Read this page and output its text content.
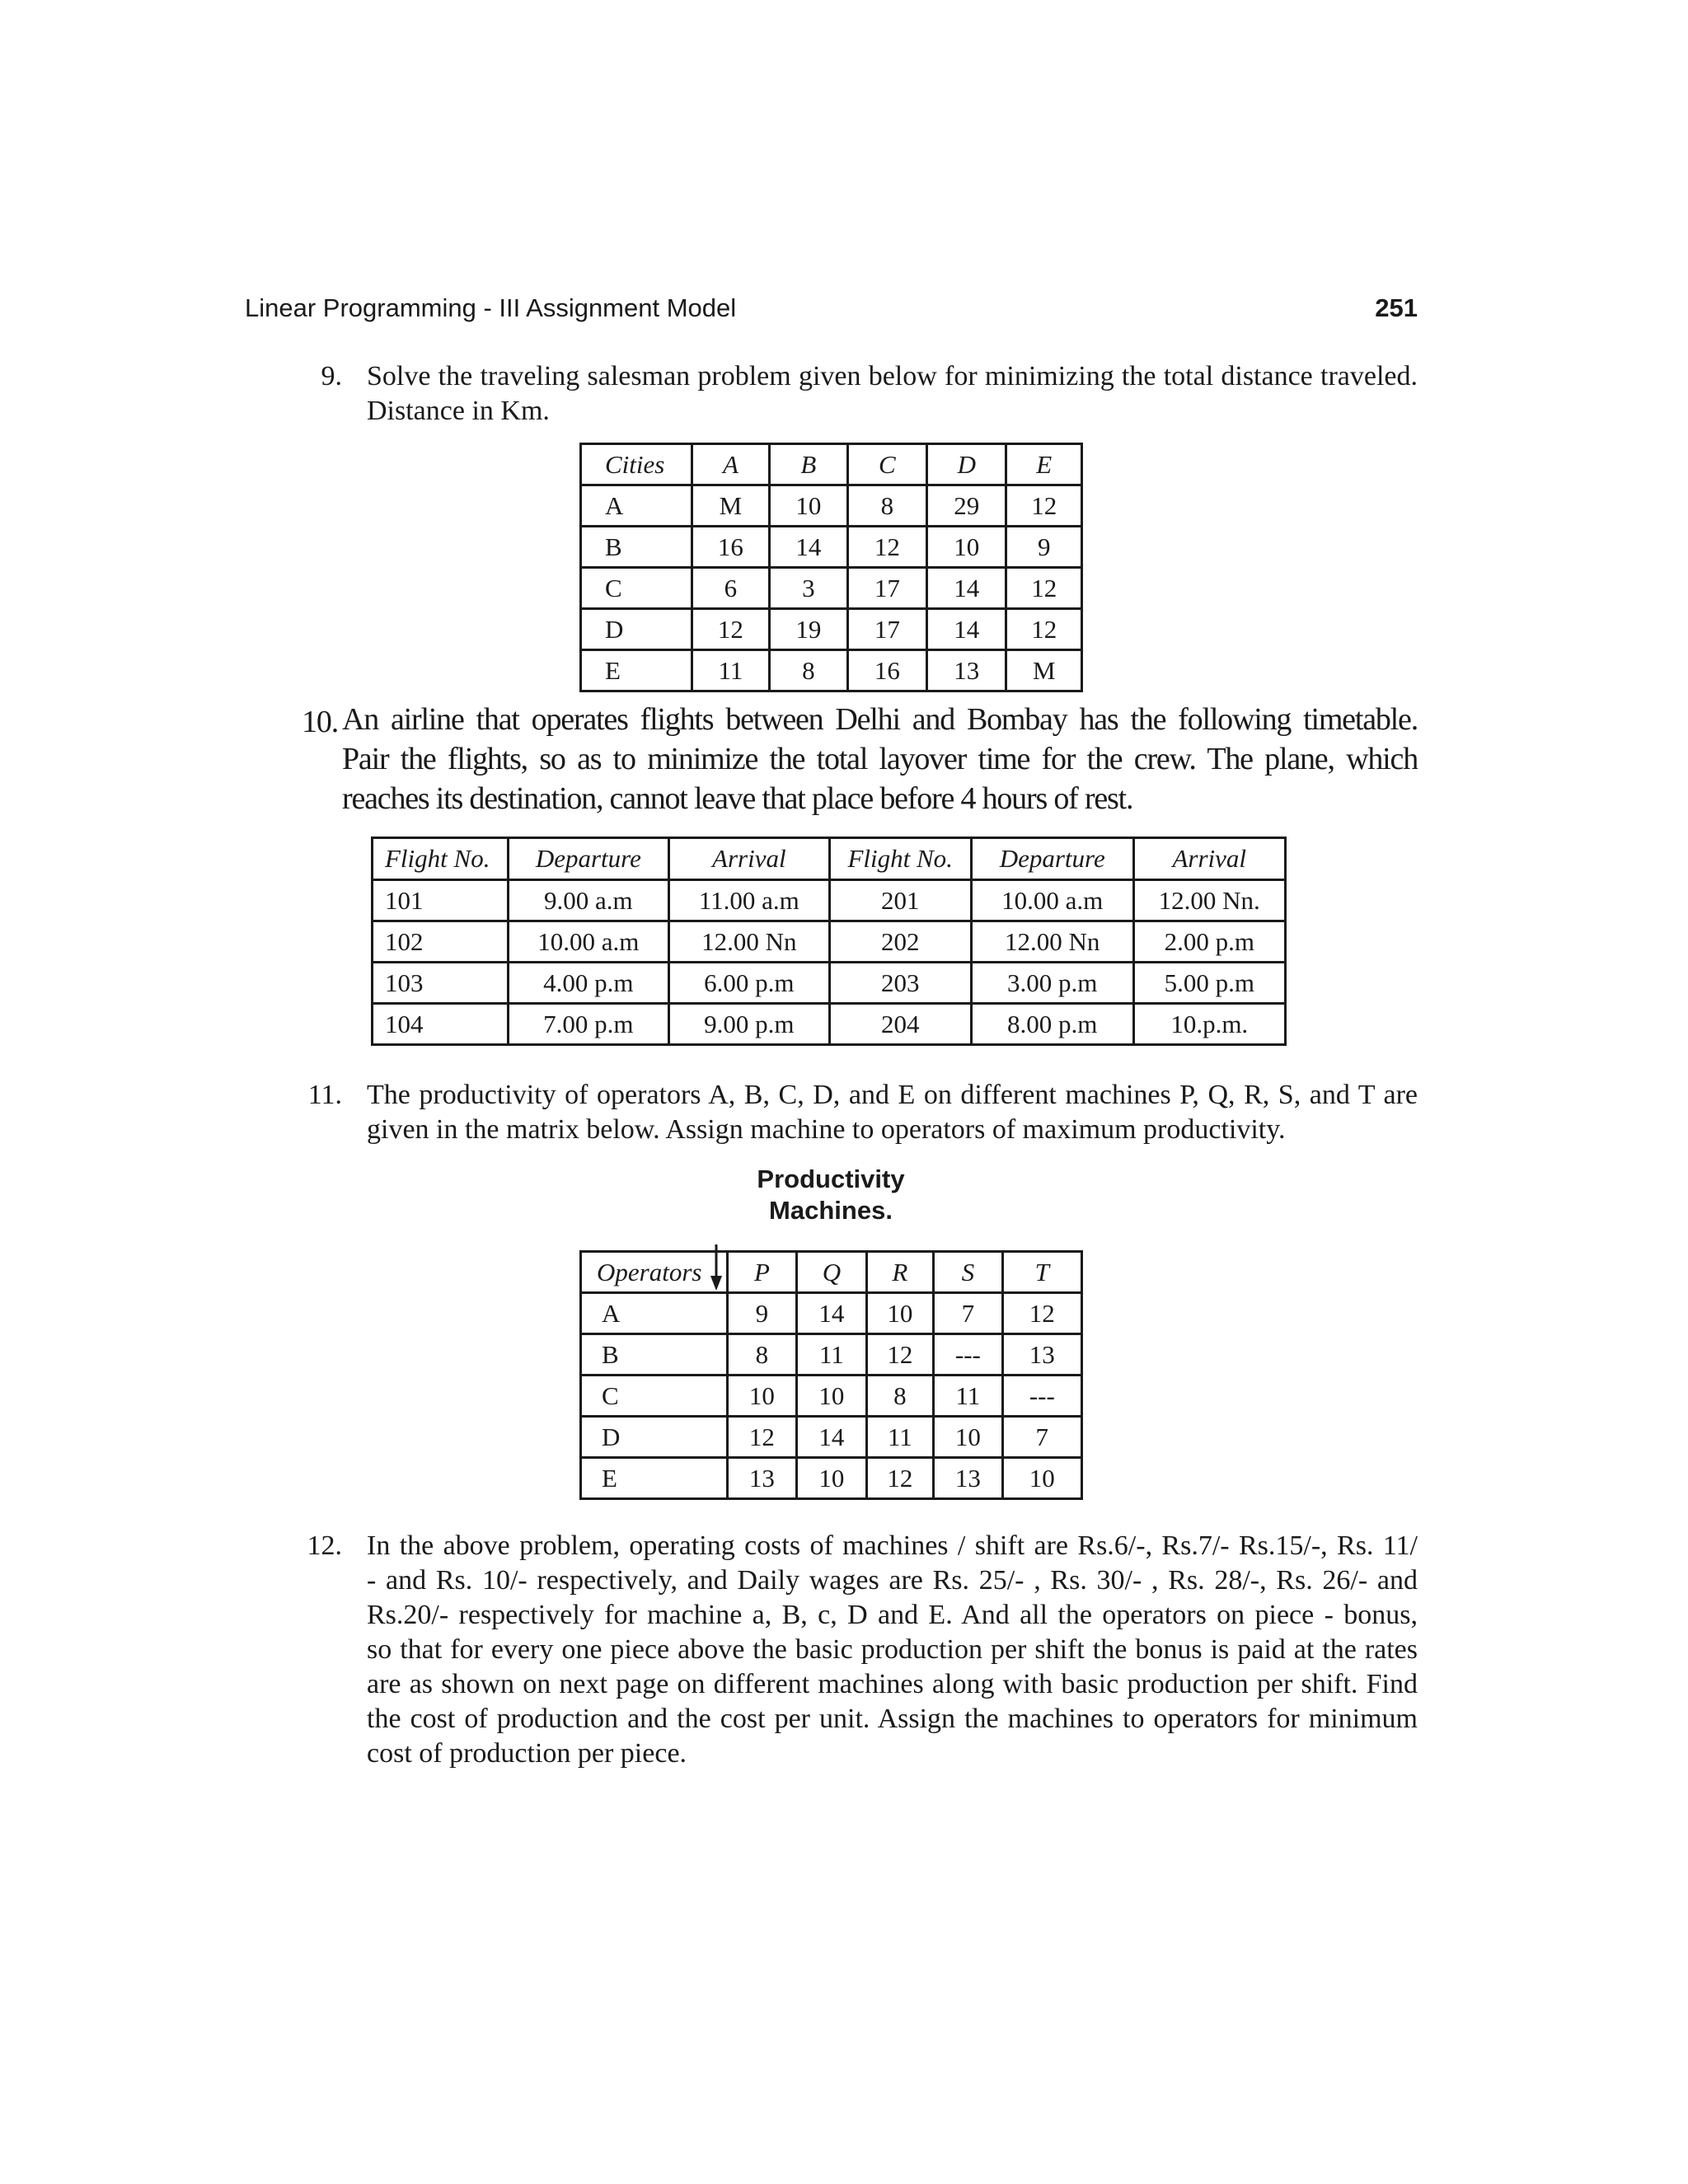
Linear Programming - III Assignment Model	251
9. Solve the traveling salesman problem given below for minimizing the total distance traveled.
Distance in Km.
Cities	A	B	C	D	E
A	M	10	8	29	12
B	16	14	12	10	9
C	6	3	17	14	12
D	12	19	17	14	12
E	11	8	16	13	M
10. An airline that operates flights between Delhi and Bombay has the following timetable.
Pair the flights, so as to minimize the total layover time for the crew. The plane, which
reaches its destination, cannot leave that place before 4 hours of rest.
Flight No.	Departure	Arrival	Flight No.	Departure	Arrival
101	9.00 a.m	11.00 a.m	201	10.00 a.m	12.00 Nn.
102	10.00 a.m	12.00 Nn	202	12.00 Nn	2.00 p.m
103	4.00 p.m	6.00 p.m	203	3.00 p.m	5.00 p.m
104	7.00 p.m	9.00 p.m	204	8.00 p.m	10.p.m.
11. The productivity of operators A, B, C, D, and E on different machines P, Q, R, S, and T are
given in the matrix below. Assign machine to operators of maximum productivity.
Productivity
Machines.
Operators	P	Q	R	S	T
A	9	14	10	7	12
B	8	11	12	---	13
C	10	10	8	11	---
D	12	14	11	10	7
E	13	10	12	13	10
12. In the above problem, operating costs of machines / shift are Rs.6/-, Rs.7/- Rs.15/-, Rs. 11/
- and Rs. 10/- respectively, and Daily wages are Rs. 25/- , Rs. 30/- , Rs. 28/-, Rs. 26/- and
Rs.20/- respectively for machine a, B, c, D and E. And all the operators on piece - bonus,
so that for every one piece above the basic production per shift the bonus is paid at the rates
are as shown on next page on different machines along with basic production per shift. Find
the cost of production and the cost per unit. Assign the machines to operators for minimum
cost of production per piece.
